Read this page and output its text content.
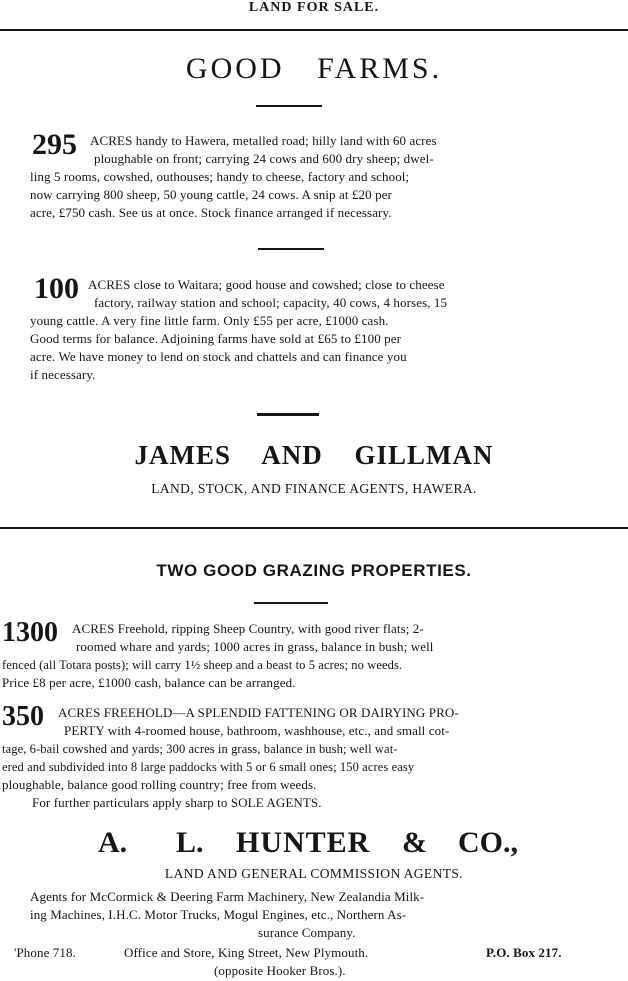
LAND FOR SALE.
GOOD FARMS.
295 ACRES handy to Hawera, metalled road; hilly land with 60 acres
ploughable on front; carrying 24 cows and 600 dry sheep; dwel-
ling 5 rooms, cowshed, outhouses; handy to cheese, factory and school;
now carrying 800 sheep, 50 young cattle, 24 cows. A snip at £20 per
acre, £750 cash. See us at once. Stock finance arranged if necessary.
100 ACRES close to Waitara; good house and cowshed; close to cheese
factory, railway station and school; capacity, 40 cows, 4 horses, 15
young cattle. A very fine little farm. Only £55 per acre, £1000 cash.
Good terms for balance. Adjoining farms have sold at £65 to £100 per
acre. We have money to lend on stock and chattels and can finance you
if necessary.
JAMES AND GILLMAN
LAND, STOCK, AND FINANCE AGENTS, HAWERA.
TWO GOOD GRAZING PROPERTIES.
1300 ACRES Freehold, ripping Sheep Country, with good river flats; 2-
roomed whare and yards; 1000 acres in grass, balance in bush; well
fenced (all Totara posts); will carry 1½ sheep and a beast to 5 acres; no weeds.
Price £8 per acre, £1000 cash, balance can be arranged.
350 ACRES FREEHOLD—A SPLENDID FATTENING OR DAIRYING PRO-
PERTY with 4-roomed house, bathroom, washhouse, etc., and small cot-
tage, 6-bail cowshed and yards; 300 acres in grass, balance in bush; well wat-
ered and subdivided into 8 large paddocks with 5 or 6 small ones; 150 acres easy
ploughable, balance good rolling country; free from weeds.
For further particulars apply sharp to SOLE AGENTS.
A. L. HUNTER & CO.,
LAND AND GENERAL COMMISSION AGENTS.
Agents for McCormick & Deering Farm Machinery, New Zealandia Milk-
ing Machines, I.H.C. Motor Trucks, Mogul Engines, etc., Northern As-
surance Company.
'Phone 718.	Office and Store, King Street, New Plymouth.	P.O. Box 217.
(opposite Hooker Bros.).
